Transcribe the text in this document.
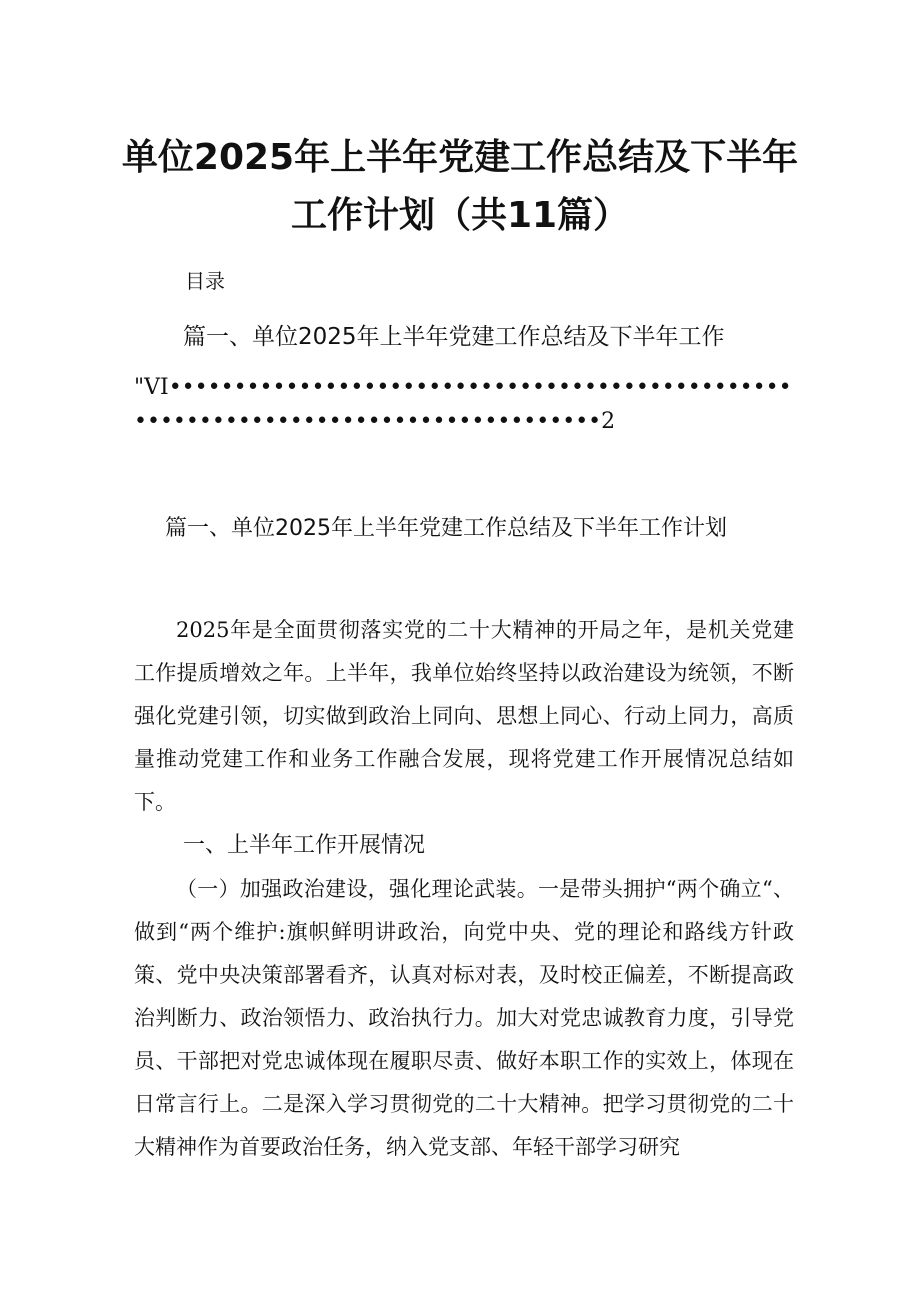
单位2025年上半年党建工作总结及下半年
工作计划（共11篇）
目录
篇一、单位2025年上半年党建工作总结及下半年工作
"VI••••••••••••••••••••••••••••••••••••••••••••••••••••••••••••••••••••••••••••••••••••2
篇一、单位2025年上半年党建工作总结及下半年工作计划
2025年是全面贯彻落实党的二十大精神的开局之年，是机关党建工作提质增效之年。上半年，我单位始终坚持以政治建设为统领，不断强化党建引领，切实做到政治上同向、思想上同心、行动上同力，高质量推动党建工作和业务工作融合发展，现将党建工作开展情况总结如下。
一、上半年工作开展情况
（一）加强政治建设，强化理论武装。一是带头拥护“两个确立“、做到“两个维护:旗帜鲜明讲政治，向党中央、党的理论和路线方针政策、党中央决策部署看齐，认真对标对表，及时校正偏差，不断提高政治判断力、政治领悟力、政治执行力。加大对党忠诚教育力度，引导党员、干部把对党忠诚体现在履职尽责、做好本职工作的实效上，体现在日常言行上。二是深入学习贯彻党的二十大精神。把学习贯彻党的二十大精神作为首要政治任务，纳入党支部、年轻干部学习研究
